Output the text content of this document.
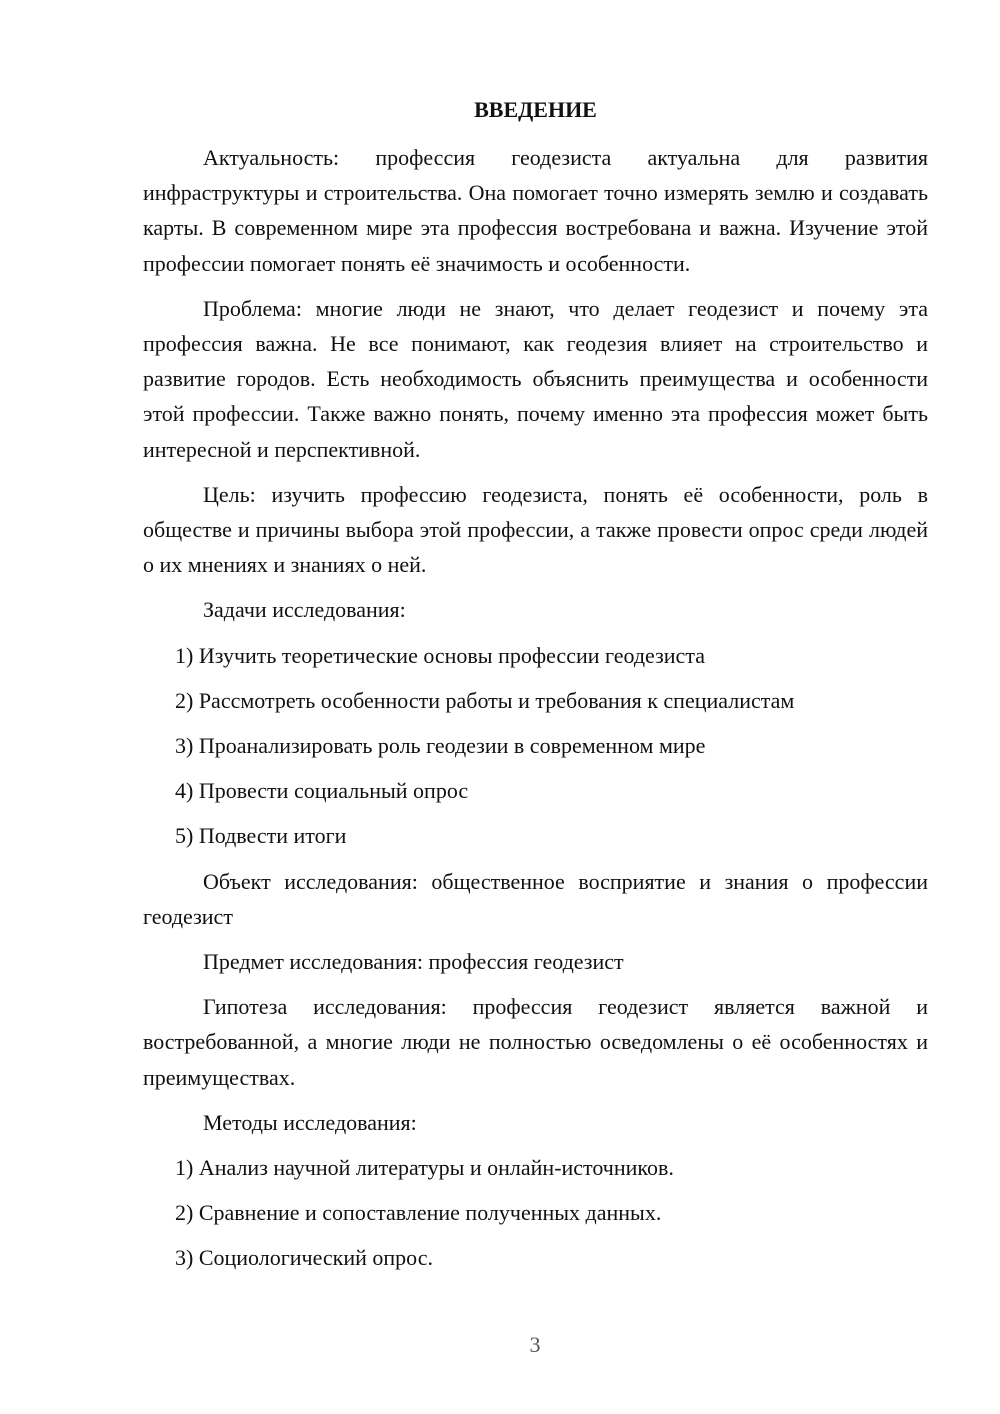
ВВЕДЕНИЕ

Актуальность: профессия геодезиста актуальна для развития инфраструктуры и строительства. Она помогает точно измерять землю и создавать карты. В современном мире эта профессия востребована и важна. Изучение этой профессии помогает понять её значимость и особенности.

Проблема: многие люди не знают, что делает геодезист и почему эта профессия важна. Не все понимают, как геодезия влияет на строительство и развитие городов. Есть необходимость объяснить преимущества и особенности этой профессии. Также важно понять, почему именно эта профессия может быть интересной и перспективной.

Цель: изучить профессию геодезиста, понять её особенности, роль в обществе и причины выбора этой профессии, а также провести опрос среди людей о их мнениях и знаниях о ней.

Задачи исследования:

1) Изучить теоретические основы профессии геодезиста
2) Рассмотреть особенности работы и требования к специалистам
3) Проанализировать роль геодезии в современном мире
4) Провести социальный опрос
5) Подвести итоги

Объект исследования: общественное восприятие и знания о профессии геодезист

Предмет исследования: профессия геодезист

Гипотеза исследования: профессия геодезист является важной и востребованной, а многие люди не полностью осведомлены о её особенностях и преимуществах.

Методы исследования:

1) Анализ научной литературы и онлайн-источников.
2) Сравнение и сопоставление полученных данных.
3) Социологический опрос.
3
